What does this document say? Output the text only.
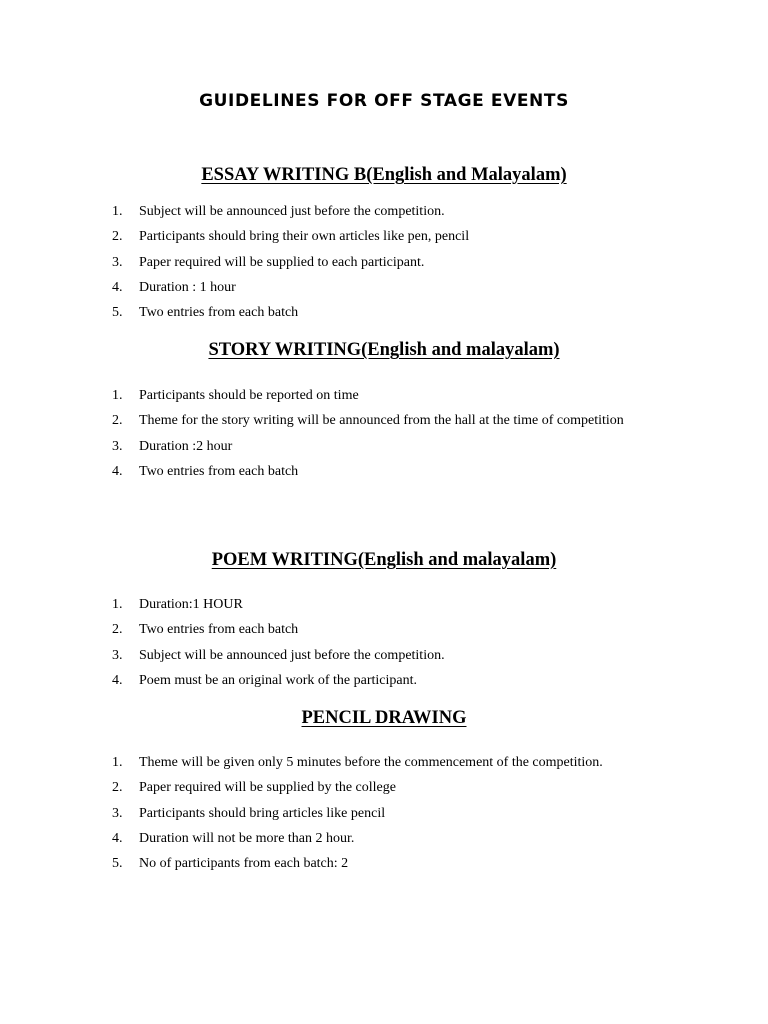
GUIDELINES FOR OFF STAGE EVENTS
ESSAY WRITING B(English and Malayalam)
1. Subject will be announced just before the competition.
2. Participants should bring their own articles like pen, pencil
3. Paper required will be supplied to each participant.
4. Duration : 1 hour
5. Two entries from each batch
STORY WRITING(English and malayalam)
1. Participants should be reported on time
2. Theme for the story writing will be announced from the hall at the time of competition
3. Duration :2 hour
4. Two entries from each batch
POEM WRITING(English and malayalam)
1. Duration:1 HOUR
2. Two entries from each batch
3. Subject will be announced just before the competition.
4. Poem must be an original work of the participant.
PENCIL DRAWING
1. Theme will be given only 5 minutes before the commencement of the competition.
2. Paper required will be supplied by the college
3. Participants should bring articles like pencil
4. Duration will not be more than 2 hour.
5. No of participants from each batch: 2
